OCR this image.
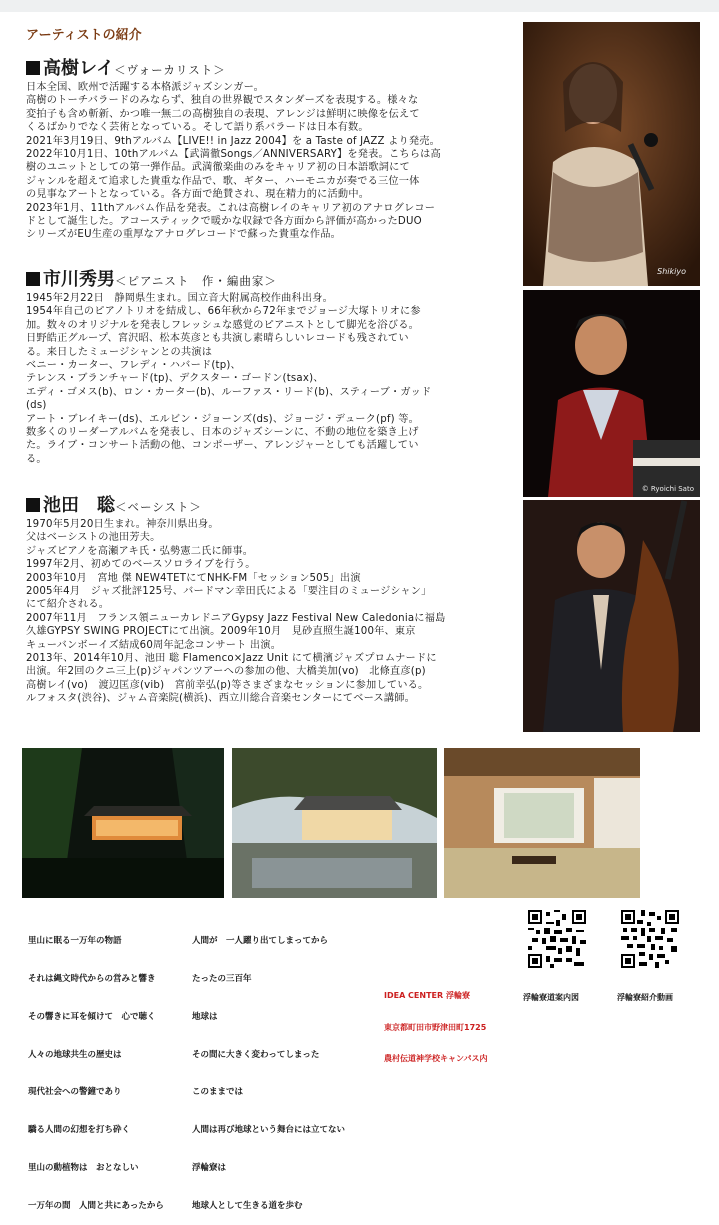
アーティストの紹介
高樹レイ＜ヴォーカリスト＞

日本全国、欧州で活躍する本格派ジャズシンガー。

高樹のトーチバラードのみならず、独自の世界観でスタンダーズを表現する。様々な

変拍子も含め斬新、かつ唯一無二の高樹独自の表現、アレンジは鮮明に映像を伝えて

くるばかりでなく芸術となっている。そして語り系バラードは日本有数。

2021年3月19日、9thアルバム【LIVE!! in Jazz 2004】を a Taste of JAZZ より発売。

2022年10月1日、10thアルバム【武満徹Songs／ANNIVERSARY】を発表。こちらは高

樹のユニットとしての第一弾作品。武満徹楽曲のみをキャリア初の日本語歌詞にて

ジャンルを超えて追求した貴重な作品で、歌、ギター、ハーモニカが奏でる三位一体

の見事なアートとなっている。各方面で絶賛され、現在精力的に活動中。

2023年1月、11thアルバム作品を発表。これは高樹レイのキャリア初のアナログレコー

ドとして誕生した。アコースティックで暖かな収録で各方面から評価が高かったDUO

シリーズがEU生産の重厚なアナログレコードで蘇った貴重な作品。

市川秀男＜ピアニスト　作・編曲家＞

1945年2月22日　静岡県生まれ。国立音大附属高校作曲科出身。

1954年自己のピアノトリオを結成し、66年秋から72年までジョージ大塚トリオに参

加。数々のオリジナルを発表しフレッシュな感覚のピアニストとして脚光を浴びる。

日野皓正グループ、宮沢昭、松本英彦とも共演し素晴らしいレコードも残されてい

る。来日したミュージシャンとの共演は

ベニー・カーター、フレディ・ハバード(tp)、

テレンス・ブランチャード(tp)、デクスター・ゴードン(tsax)、

エディ・ゴメス(b)、ロン・カーター(b)、ルーファス・リード(b)、スティーブ・ガッド

(ds)

アート・ブレイキー(ds)、エルビン・ジョーンズ(ds)、ジョージ・デューク(pf) 等。

数多くのリーダーアルバムを発表し、日本のジャズシーンに、不動の地位を築き上げ

た。ライブ・コンサート活動の他、コンポーザー、アレンジャーとしても活躍してい

る。

池田　聡＜ベーシスト＞

1970年5月20日生まれ。神奈川県出身。

父はベーシストの池田芳夫。

ジャズピアノを高瀬アキ氏・弘勢憲二氏に師事。

1997年2月、初めてのベースソロライブを行う。

2003年10月　宮地 傑 NEW4TETにてNHK-FM「セッション505」出演

2005年4月　ジャズ批評125号、バードマン幸田氏による「要注目のミュージシャン」

にて紹介される。

2007年11月　フランス領ニューカレドニアGypsy Jazz Festival New Caledoniaに福島

久雄GYPSY SWING PROJECTにて出演。2009年10月　見砂直照生誕100年、東京

キューバンボーイズ結成60周年記念コンサート 出演。

2013年、2014年10月、池田 聡 Flamenco×Jazz Unit にて横濱ジャズプロムナードに

出演。年2回のクニ三上(p)ジャパンツアーへの参加の他、大橋美加(vo)　北條直彦(p)

高樹レイ(vo)　渡辺匡彦(vib)　宮前幸弘(p)等さまざまなセッションに参加している。

ルフォスタ(渋谷)、ジャム音楽院(横浜)、西立川総合音楽センターにてベース講師。

Shikiyo
© Ryoichi Sato

里山に眠る一万年の物語

それは縄文時代からの営みと響き

その響きに耳を傾けて　心で聴く

人々の地球共生の歴史は

現代社会への警鐘であり

驕る人間の幻想を打ち砕く

里山の動植物は　おとなしい

一万年の間　人間と共にあったから

人間が　一人躍り出てしまってから

たったの三百年

地球は

その間に大きく変わってしまった

このままでは

人間は再び地球という舞台には立てない

浮輪寮は

地球人として生きる道を歩む

IDEA CENTER 浮輪寮

東京都町田市野津田町1725

農村伝道神学校キャンパス内

浮輪寮道案内図	浮輪寮紹介動画
